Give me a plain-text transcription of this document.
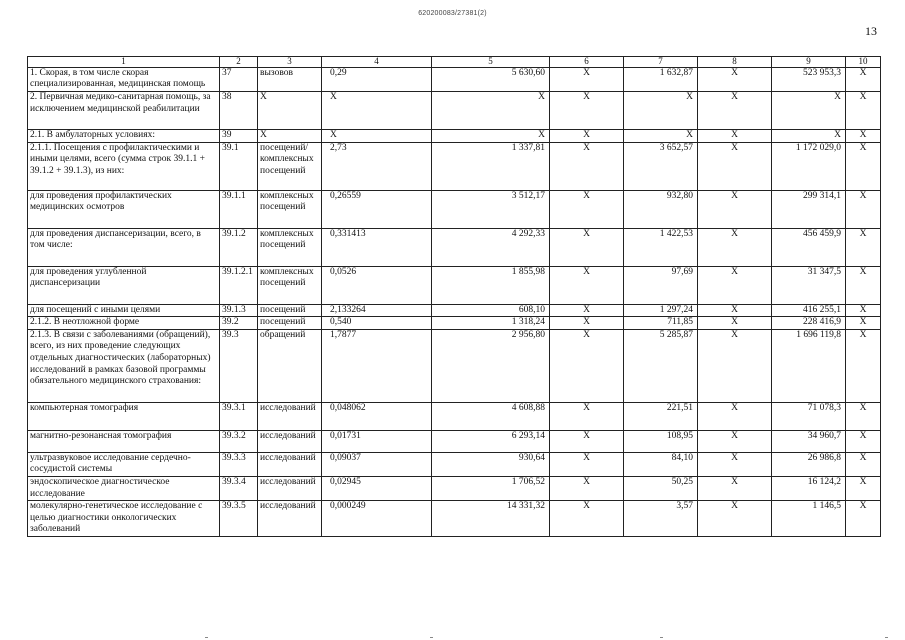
620200083/27381(2)
13
1	2	3	4	5	6	7	8	9	10
1. Скорая, в том числе скорая специализированная, медицинская помощь	37	вызовов	0,29	5 630,60	X	1 632,87	X	523 953,3	X
2. Первичная медико-санитарная помощь, за исключением медицинской реабилитации	38	X	X	X	X	X	X	X	X
2.1. В амбулаторных условиях:	39	X	X	X	X	X	X	X	X
2.1.1. Посещения с профилактическими и иными целями, всего (сумма строк 39.1.1 + 39.1.2 + 39.1.3), из них:	39.1	посещений/ комплексных посещений	2,73	1 337,81	X	3 652,57	X	1 172 029,0	X
для проведения профилактических медицинских осмотров	39.1.1	комплексных посещений	0,26559	3 512,17	X	932,80	X	299 314,1	X
для проведения диспансеризации, всего, в том числе:	39.1.2	комплексных посещений	0,331413	4 292,33	X	1 422,53	X	456 459,9	X
для проведения углубленной диспансеризации	39.1.2.1	комплексных посещений	0,0526	1 855,98	X	97,69	X	31 347,5	X
для посещений с иными целями	39.1.3	посещений	2,133264	608,10	X	1 297,24	X	416 255,1	X
2.1.2. В неотложной форме	39.2	посещений	0,540	1 318,24	X	711,85	X	228 416,9	X
2.1.3. В связи с заболеваниями (обращений), всего, из них проведение следующих отдельных диагностических (лабораторных) исследований в рамках базовой программы обязательного медицинского страхования:	39.3	обращений	1,7877	2 956,80	X	5 285,87	X	1 696 119,8	X
компьютерная томография	39.3.1	исследований	0,048062	4 608,88	X	221,51	X	71 078,3	X
магнитно-резонансная томография	39.3.2	исследований	0,01731	6 293,14	X	108,95	X	34 960,7	X
ультразвуковое исследование сердечно-сосудистой системы	39.3.3	исследований	0,09037	930,64	X	84,10	X	26 986,8	X
эндоскопическое диагностическое исследование	39.3.4	исследований	0,02945	1 706,52	X	50,25	X	16 124,2	X
молекулярно-генетическое исследование с целью диагностики онкологических заболеваний	39.3.5	исследований	0,000249	14 331,32	X	3,57	X	1 146,5	X
